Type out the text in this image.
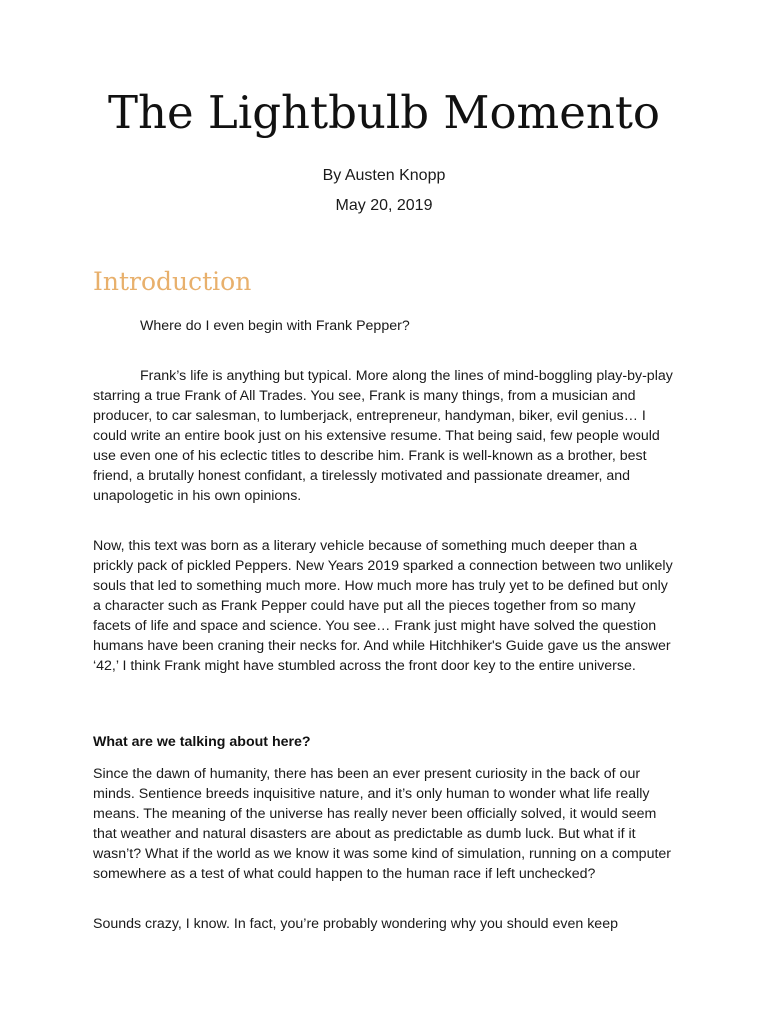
The Lightbulb Momento
By Austen Knopp
May 20, 2019
Introduction

Where do I even begin with Frank Pepper?

Frank’s life is anything but typical. More along the lines of mind-boggling play-by-play starring a true Frank of All Trades. You see, Frank is many things, from a musician and producer, to car salesman, to lumberjack, entrepreneur, handyman, biker, evil genius… I could write an entire book just on his extensive resume. That being said, few people would use even one of his eclectic titles to describe him. Frank is well-known as a brother, best friend, a brutally honest confidant, a tirelessly motivated and passionate dreamer, and unapologetic in his own opinions.

Now, this text was born as a literary vehicle because of something much deeper than a prickly pack of pickled Peppers. New Years 2019 sparked a connection between two unlikely souls that led to something much more. How much more has truly yet to be defined but only a character such as Frank Pepper could have put all the pieces together from so many facets of life and space and science. You see… Frank just might have solved the question humans have been craning their necks for. And while Hitchhiker's Guide gave us the answer ‘42,’ I think Frank might have stumbled across the front door key to the entire universe.

What are we talking about here?

Since the dawn of humanity, there has been an ever present curiosity in the back of our minds. Sentience breeds inquisitive nature, and it’s only human to wonder what life really means. The meaning of the universe has really never been officially solved, it would seem that weather and natural disasters are about as predictable as dumb luck. But what if it wasn’t? What if the world as we know it was some kind of simulation, running on a computer somewhere as a test of what could happen to the human race if left unchecked?

Sounds crazy, I know. In fact, you’re probably wondering why you should even keep
